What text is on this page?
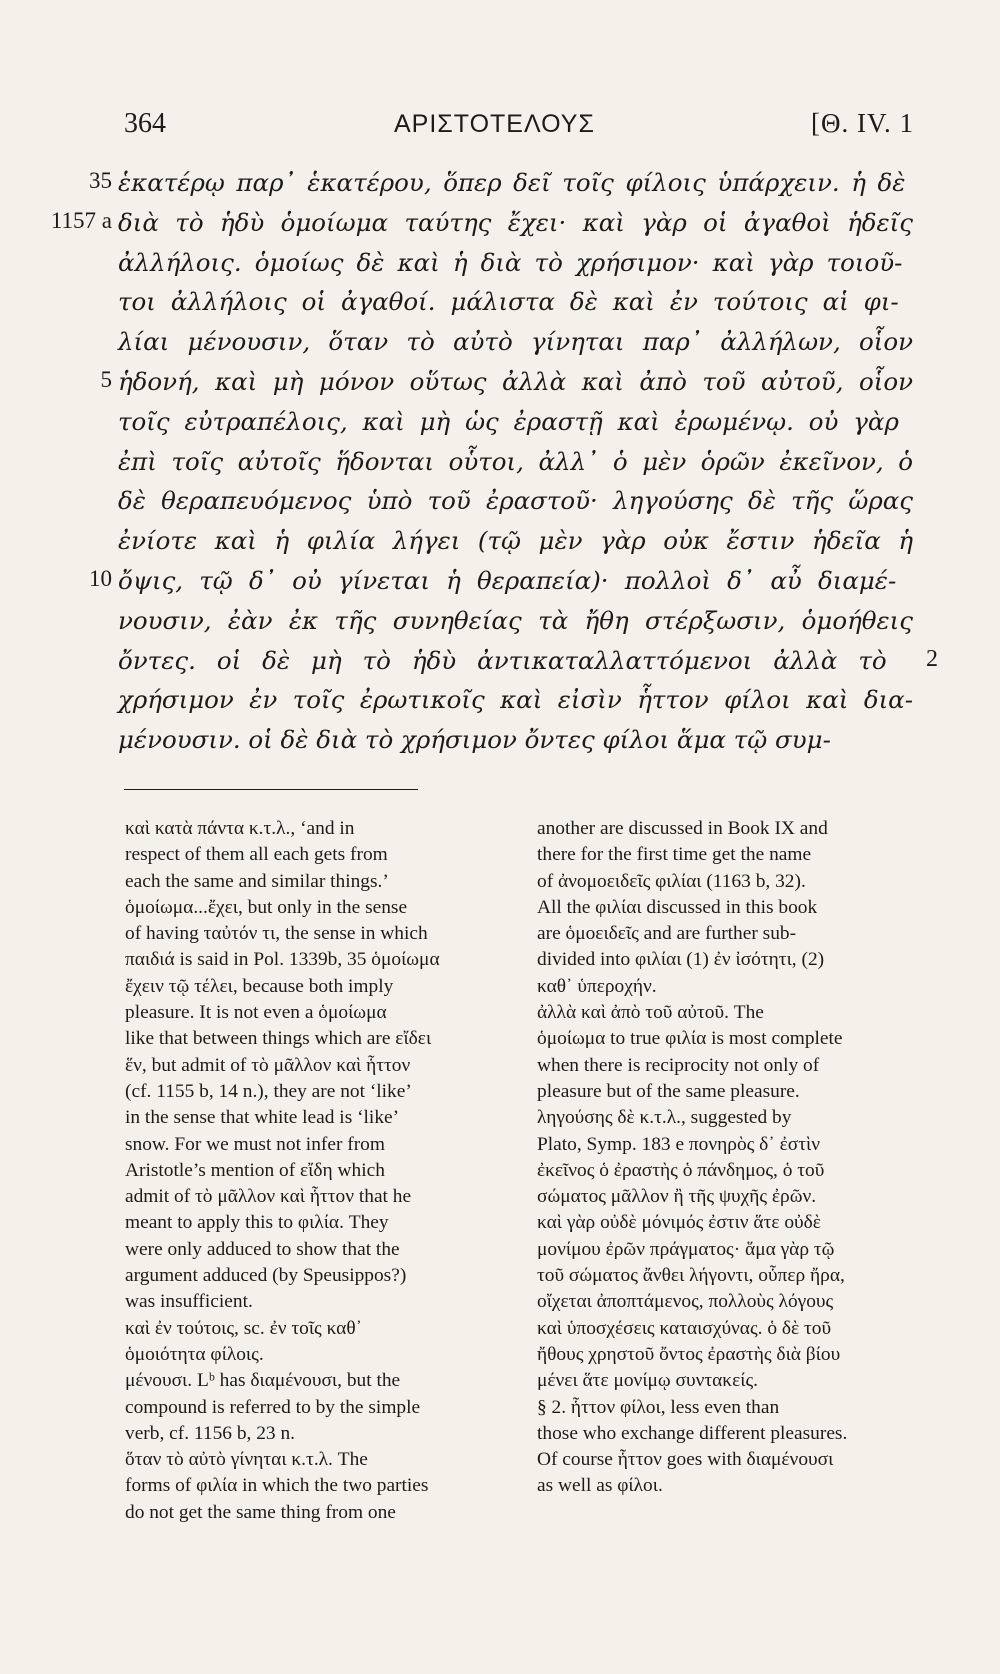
364	ΑΡΙΣΤΟΤΕΛΟΥΣ	[Θ. IV. 1
35 ἑκατέρῳ παρ᾽ ἑκατέρου, ὅπερ δεῖ τοῖς φίλοις ὑπάρχειν. ἡ δὲ
1157 a διὰ τὸ ἡδὺ ὁμοίωμα ταύτης ἔχει· καὶ γὰρ οἱ ἀγαθοὶ ἡδεῖς
ἀλλήλοις. ὁμοίως δὲ καὶ ἡ διὰ τὸ χρήσιμον· καὶ γὰρ τοιοῦ-
τοι ἀλλήλοις οἱ ἀγαθοί. μάλιστα δὲ καὶ ἐν τούτοις αἱ φι-
λίαι μένουσιν, ὅταν τὸ αὐτὸ γίνηται παρ᾽ ἀλλήλων, οἷον
5 ἡδονή, καὶ μὴ μόνον οὕτως ἀλλὰ καὶ ἀπὸ τοῦ αὐτοῦ, οἷον
τοῖς εὐτραπέλοις, καὶ μὴ ὡς ἐραστῇ καὶ ἐρωμένῳ. οὐ γὰρ
ἐπὶ τοῖς αὐτοῖς ἥδονται οὗτοι, ἀλλ᾽ ὁ μὲν ὁρῶν ἐκεῖνον, ὁ
δὲ θεραπευόμενος ὑπὸ τοῦ ἐραστοῦ· ληγούσης δὲ τῆς ὥρας
ἐνίοτε καὶ ἡ φιλία λήγει (τῷ μὲν γὰρ οὐκ ἔστιν ἡδεῖα ἡ
10 ὄψις, τῷ δ᾽ οὐ γίνεται ἡ θεραπεία)· πολλοὶ δ᾽ αὖ διαμέ-
νουσιν, ἐὰν ἐκ τῆς συνηθείας τὰ ἤθη στέρξωσιν, ὁμοήθεις
ὄντες. οἱ δὲ μὴ τὸ ἡδὺ ἀντικαταλλαττόμενοι ἀλλὰ τὸ 2
χρήσιμον ἐν τοῖς ἐρωτικοῖς καὶ εἰσὶν ἧττον φίλοι καὶ δια-
μένουσιν. οἱ δὲ διὰ τὸ χρήσιμον ὄντες φίλοι ἅμα τῷ συμ-
καὶ κατὰ πάντα κ.τ.λ., ‘and in
respect of them all each gets from
each the same and similar things.’
ὁμοίωμα...ἔχει, but only in the sense
of having ταὐτόν τι, the sense in which
παιδιά is said in Pol. 1339b, 35 ὁμοίωμα
ἔχειν τῷ τέλει, because both imply
pleasure. It is not even a ὁμοίωμα
like that between things which are εἴδει
ἕν, but admit of τὸ μᾶλλον καὶ ἧττον
(cf. 1155 b, 14 n.), they are not ‘like’
in the sense that white lead is ‘like’
snow. For we must not infer from
Aristotle’s mention of εἴδη which
admit of τὸ μᾶλλον καὶ ἧττον that he
meant to apply this to φιλία. They
were only adduced to show that the
argument adduced (by Speusippos?)
was insufficient.
καὶ ἐν τούτοις, sc. ἐν τοῖς καθ᾽
ὁμοιότητα φίλοις.
μένουσι. Lᵇ has διαμένουσι, but the
compound is referred to by the simple
verb, cf. 1156 b, 23 n.
ὅταν τὸ αὐτὸ γίνηται κ.τ.λ. The
forms of φιλία in which the two parties
do not get the same thing from one
another are discussed in Book IX and
there for the first time get the name
of ἀνομοειδεῖς φιλίαι (1163 b, 32).
All the φιλίαι discussed in this book
are ὁμοειδεῖς and are further sub-
divided into φιλίαι (1) ἐν ἰσότητι, (2)
καθ᾽ ὑπεροχήν.
ἀλλὰ καὶ ἀπὸ τοῦ αὐτοῦ. The
ὁμοίωμα to true φιλία is most complete
when there is reciprocity not only of
pleasure but of the same pleasure.
ληγούσης δὲ κ.τ.λ., suggested by
Plato, Symp. 183 e πονηρὸς δ᾽ ἐστὶν
ἐκεῖνος ὁ ἐραστὴς ὁ πάνδημος, ὁ τοῦ
σώματος μᾶλλον ἢ τῆς ψυχῆς ἐρῶν.
καὶ γὰρ οὐδὲ μόνιμός ἐστιν ἅτε οὐδὲ
μονίμου ἐρῶν πράγματος· ἅμα γὰρ τῷ
τοῦ σώματος ἄνθει λήγοντι, οὗπερ ἤρα,
οἴχεται ἀποπτάμενος, πολλοὺς λόγους
καὶ ὑποσχέσεις καταισχύνας. ὁ δὲ τοῦ
ἤθους χρηστοῦ ὄντος ἐραστὴς διὰ βίου
μένει ἅτε μονίμῳ συντακείς.
§ 2. ἧττον φίλοι, less even than
those who exchange different pleasures.
Of course ἧττον goes with διαμένουσι
as well as φίλοι.
